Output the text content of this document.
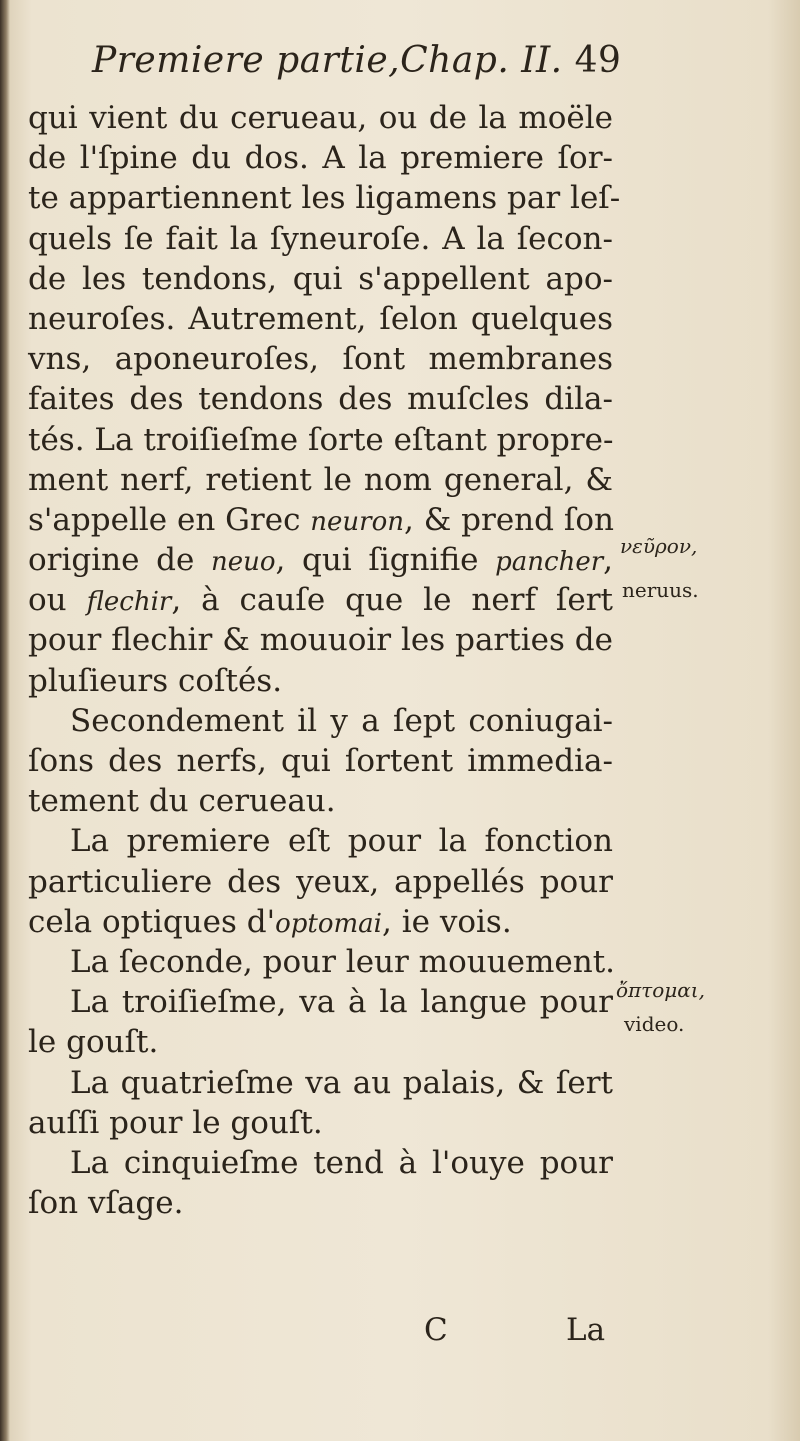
Premiere partie,Chap. II. 49
qui vient du cerueau, ou de la moële
de l'ſpine du dos. A la premiere ſor-
te appartiennent les ligamens par leſ-
quels ſe fait la ſyneuroſe. A la ſecon-
de les tendons, qui s'appellent apo-
neuroſes. Autrement, ſelon quelques
vns, aponeuroſes, ſont membranes
faites des tendons des muſcles dila-
tés. La troiſieſme ſorte eſtant propre-
ment nerf, retient le nom general, &
s'appelle en Grec neuron, & prend ſon
origine de neuo, qui ſignifie pancher,
ou flechir, à cauſe que le nerf ſert
pour flechir & mouuoir les parties de
pluſieurs coſtés.
Secondement il y a ſept coniugai-
ſons des nerfs, qui ſortent immedia-
tement du cerueau.
La premiere eſt pour la fonction
particuliere des yeux, appellés pour
cela optiques d'optomai, ie vois.
La ſeconde, pour leur mouuement.
La troiſieſme, va à la langue pour
le gouſt.
La quatrieſme va au palais, & ſert
auſſi pour le gouſt.
La cinquieſme tend à l'ouye pour
ſon vſage.
νεῦρον,
neruus.
ὄπτομαι,
video.
C	La
